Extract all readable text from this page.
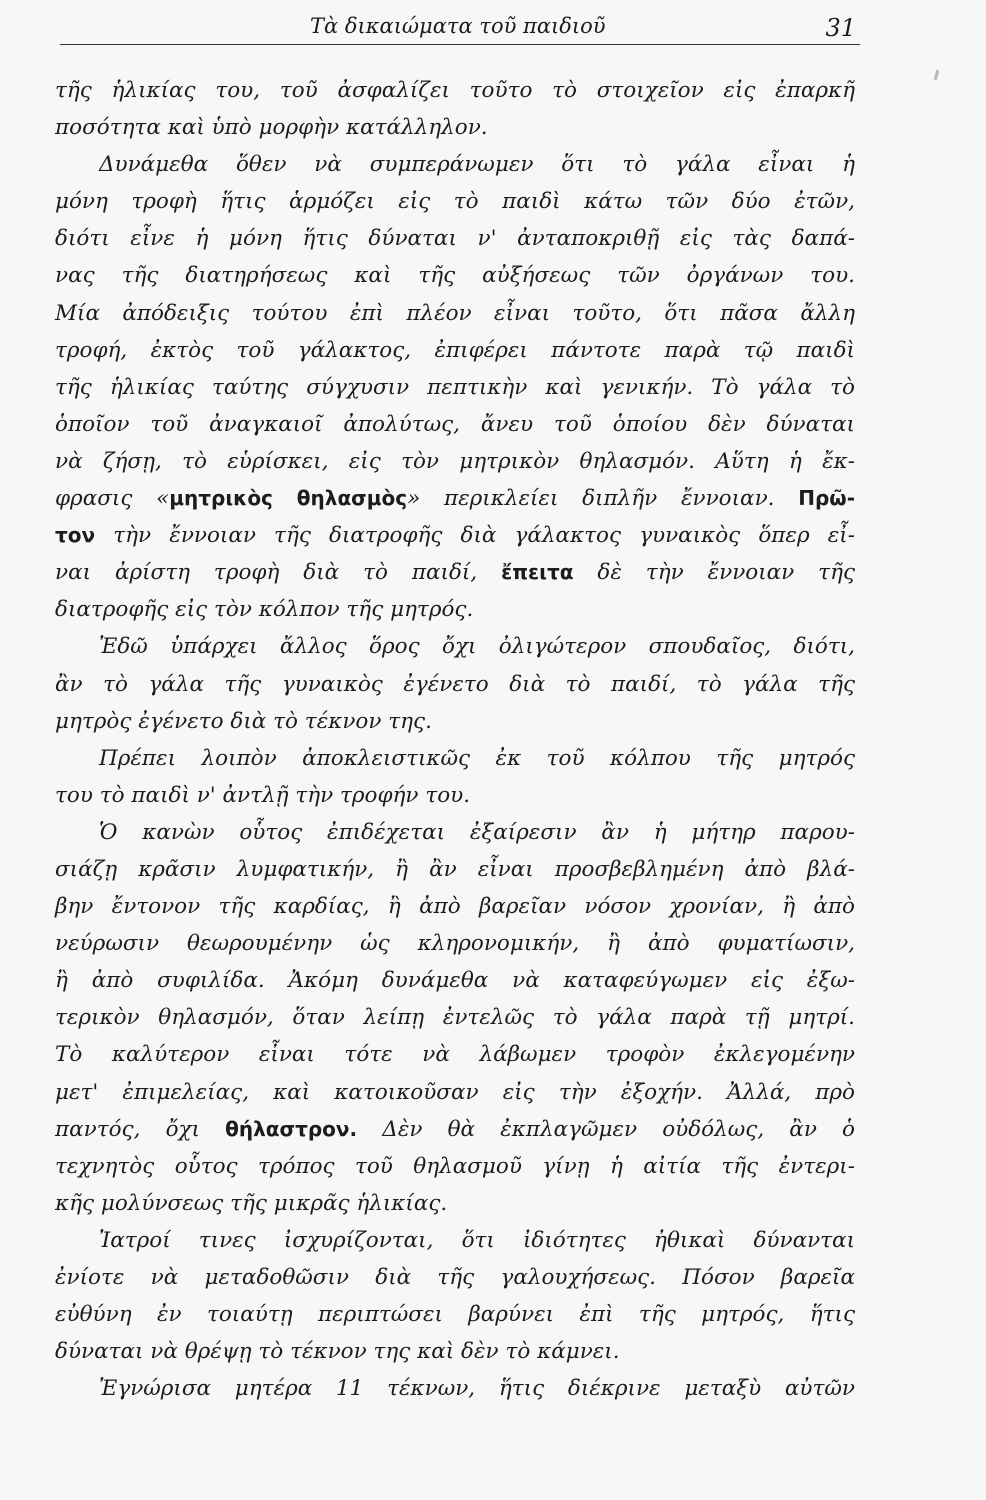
Τὰ δικαιώματα τοῦ παιδιοῦ	31
τῆς ἡλικίας του, τοῦ ἀσφαλίζει τοῦτο τὸ στοιχεῖον εἰς ἐπαρκῆ
ποσότητα καὶ ὑπὸ μορφὴν κατάλληλον.
Δυνάμεθα ὅθεν νὰ συμπεράνωμεν ὅτι τὸ γάλα εἶναι ἡ
μόνη τροφὴ ἥτις ἁρμόζει εἰς τὸ παιδὶ κάτω τῶν δύο ἐτῶν,
διότι εἶνε ἡ μόνη ἥτις δύναται ν' ἀνταποκριθῇ εἰς τὰς δαπά-
νας τῆς διατηρήσεως καὶ τῆς αὐξήσεως τῶν ὀργάνων του.
Μία ἀπόδειξις τούτου ἐπὶ πλέον εἶναι τοῦτο, ὅτι πᾶσα ἄλλη
τροφή, ἐκτὸς τοῦ γάλακτος, ἐπιφέρει πάντοτε παρὰ τῷ παιδὶ
τῆς ἡλικίας ταύτης σύγχυσιν πεπτικὴν καὶ γενικήν. Τὸ γάλα τὸ
ὁποῖον τοῦ ἀναγκαιοῖ ἀπολύτως, ἄνευ τοῦ ὁποίου δὲν δύναται
νὰ ζήσῃ, τὸ εὑρίσκει, εἰς τὸν μητρικὸν θηλασμόν. Αὕτη ἡ ἔκ-
φρασις «μητρικὸς θηλασμὸς» περικλείει διπλῆν ἔννοιαν. Πρῶ-
τον τὴν ἔννοιαν τῆς διατροφῆς διὰ γάλακτος γυναικὸς ὅπερ εἶ-
ναι ἀρίστη τροφὴ διὰ τὸ παιδί, ἔπειτα δὲ τὴν ἔννοιαν τῆς
διατροφῆς εἰς τὸν κόλπον τῆς μητρός.
Ἐδῶ ὑπάρχει ἄλλος ὅρος ὄχι ὀλιγώτερον σπουδαῖος, διότι,
ἂν τὸ γάλα τῆς γυναικὸς ἐγένετο διὰ τὸ παιδί, τὸ γάλα τῆς
μητρὸς ἐγένετο διὰ τὸ τέκνον της.
Πρέπει λοιπὸν ἀποκλειστικῶς ἐκ τοῦ κόλπου τῆς μητρός
του τὸ παιδὶ ν' ἀντλῇ τὴν τροφήν του.
Ὁ κανὼν οὗτος ἐπιδέχεται ἐξαίρεσιν ἂν ἡ μήτηρ παρου-
σιάζῃ κρᾶσιν λυμφατικήν, ἢ ἂν εἶναι προσβεβλημένη ἀπὸ βλά-
βην ἔντονον τῆς καρδίας, ἢ ἀπὸ βαρεῖαν νόσον χρονίαν, ἢ ἀπὸ
νεύρωσιν θεωρουμένην ὡς κληρονομικήν, ἢ ἀπὸ φυματίωσιν,
ἢ ἀπὸ συφιλίδα. Ἀκόμη δυνάμεθα νὰ καταφεύγωμεν εἰς ἐξω-
τερικὸν θηλασμόν, ὅταν λείπῃ ἐντελῶς τὸ γάλα παρὰ τῇ μητρί.
Τὸ καλύτερον εἶναι τότε νὰ λάβωμεν τροφὸν ἐκλεγομένην
μετ' ἐπιμελείας, καὶ κατοικοῦσαν εἰς τὴν ἐξοχήν. Ἀλλά, πρὸ
παντός, ὄχι θήλαστρον. Δὲν θὰ ἐκπλαγῶμεν οὐδόλως, ἂν ὁ
τεχνητὸς οὗτος τρόπος τοῦ θηλασμοῦ γίνῃ ἡ αἰτία τῆς ἐντερι-
κῆς μολύνσεως τῆς μικρᾶς ἡλικίας.
Ἰατροί τινες ἰσχυρίζονται, ὅτι ἰδιότητες ἠθικαὶ δύνανται
ἐνίοτε νὰ μεταδοθῶσιν διὰ τῆς γαλουχήσεως. Πόσον βαρεῖα
εὐθύνη ἐν τοιαύτῃ περιπτώσει βαρύνει ἐπὶ τῆς μητρός, ἥτις
δύναται νὰ θρέψῃ τὸ τέκνον της καὶ δὲν τὸ κάμνει.
Ἐγνώρισα μητέρα 11 τέκνων, ἥτις διέκρινε μεταξὺ αὐτῶν
